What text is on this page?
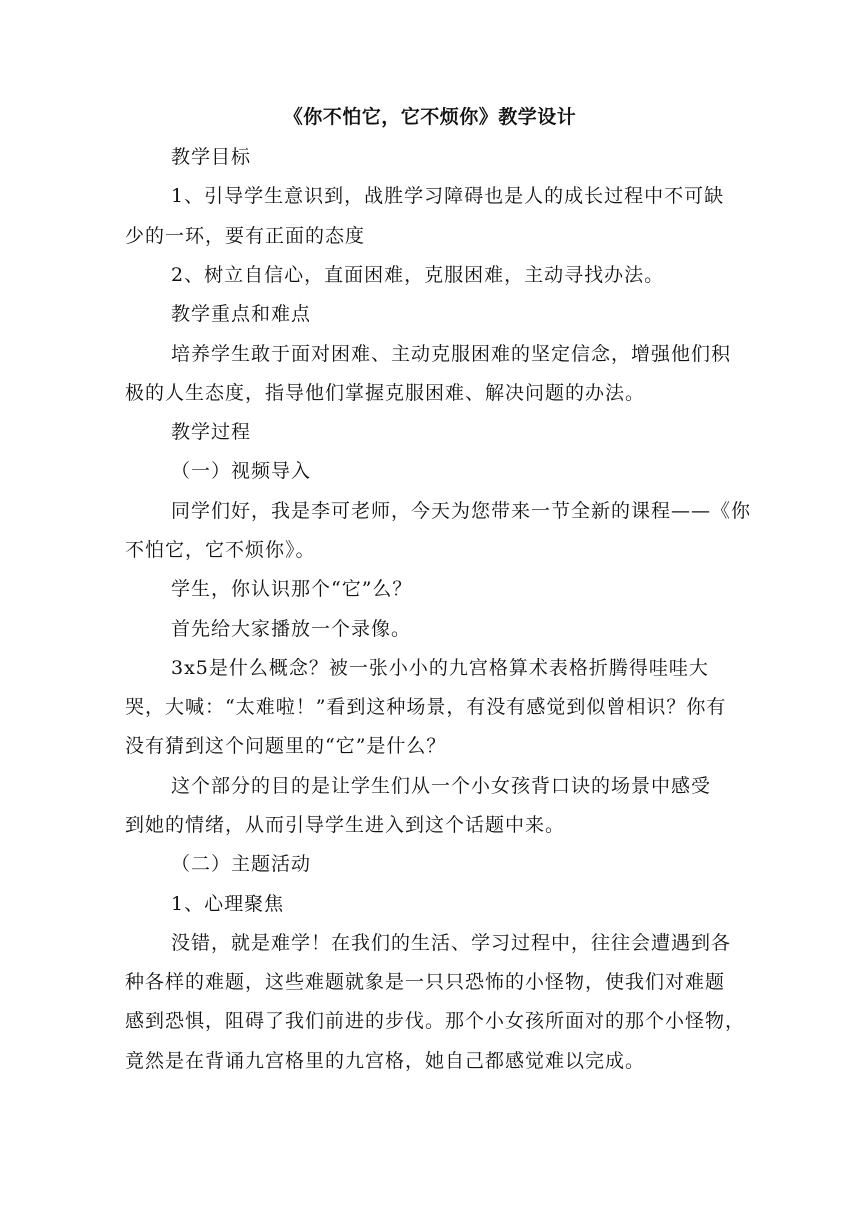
《你不怕它，它不烦你》教学设计
教学目标
1、引导学生意识到，战胜学习障碍也是人的成长过程中不可缺
少的一环，要有正面的态度
2、树立自信心，直面困难，克服困难，主动寻找办法。
教学重点和难点
培养学生敢于面对困难、主动克服困难的坚定信念，增强他们积
极的人生态度，指导他们掌握克服困难、解决问题的办法。
教学过程
（一）视频导入
同学们好，我是李可老师，今天为您带来一节全新的课程——《你
不怕它，它不烦你》。
学生，你认识那个“它”么？
首先给大家播放一个录像。
3x5是什么概念？被一张小小的九宫格算术表格折腾得哇哇大
哭，大喊：“太难啦！”看到这种场景，有没有感觉到似曾相识？你有
没有猜到这个问题里的“它”是什么？
这个部分的目的是让学生们从一个小女孩背口诀的场景中感受
到她的情绪，从而引导学生进入到这个话题中来。
（二）主题活动
1、心理聚焦
没错，就是难学！在我们的生活、学习过程中，往往会遭遇到各
种各样的难题，这些难题就象是一只只恐怖的小怪物，使我们对难题
感到恐惧，阻碍了我们前进的步伐。那个小女孩所面对的那个小怪物，
竟然是在背诵九宫格里的九宫格，她自己都感觉难以完成。
